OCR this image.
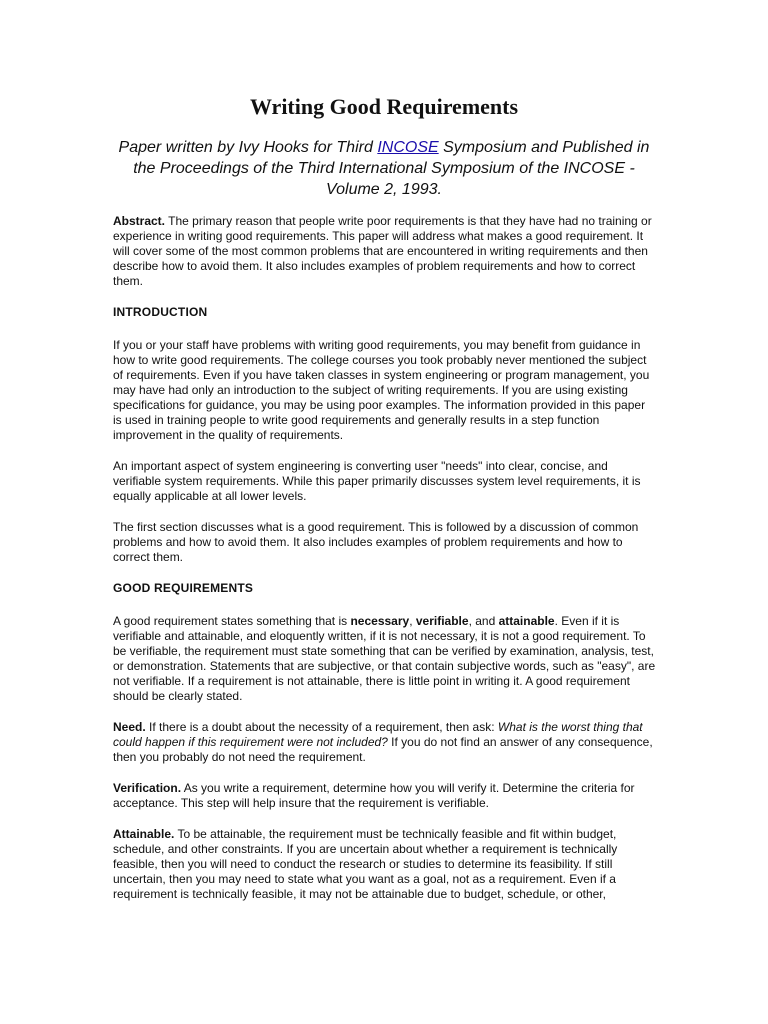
Writing Good Requirements

Paper written by Ivy Hooks for Third INCOSE Symposium and Published in the Proceedings of the Third International Symposium of the INCOSE - Volume 2, 1993.

Abstract. The primary reason that people write poor requirements is that they have had no training or experience in writing good requirements. This paper will address what makes a good requirement. It will cover some of the most common problems that are encountered in writing requirements and then describe how to avoid them. It also includes examples of problem requirements and how to correct them.

INTRODUCTION

If you or your staff have problems with writing good requirements, you may benefit from guidance in how to write good requirements. The college courses you took probably never mentioned the subject of requirements. Even if you have taken classes in system engineering or program management, you may have had only an introduction to the subject of writing requirements. If you are using existing specifications for guidance, you may be using poor examples. The information provided in this paper is used in training people to write good requirements and generally results in a step function improvement in the quality of requirements.

An important aspect of system engineering is converting user "needs" into clear, concise, and verifiable system requirements. While this paper primarily discusses system level requirements, it is equally applicable at all lower levels.

The first section discusses what is a good requirement. This is followed by a discussion of common problems and how to avoid them. It also includes examples of problem requirements and how to correct them.

GOOD REQUIREMENTS

A good requirement states something that is necessary, verifiable, and attainable. Even if it is verifiable and attainable, and eloquently written, if it is not necessary, it is not a good requirement. To be verifiable, the requirement must state something that can be verified by examination, analysis, test, or demonstration. Statements that are subjective, or that contain subjective words, such as "easy", are not verifiable. If a requirement is not attainable, there is little point in writing it. A good requirement should be clearly stated.

Need. If there is a doubt about the necessity of a requirement, then ask: What is the worst thing that could happen if this requirement were not included? If you do not find an answer of any consequence, then you probably do not need the requirement.

Verification. As you write a requirement, determine how you will verify it. Determine the criteria for acceptance. This step will help insure that the requirement is verifiable.

Attainable. To be attainable, the requirement must be technically feasible and fit within budget, schedule, and other constraints. If you are uncertain about whether a requirement is technically feasible, then you will need to conduct the research or studies to determine its feasibility. If still uncertain, then you may need to state what you want as a goal, not as a requirement. Even if a requirement is technically feasible, it may not be attainable due to budget, schedule, or other,
